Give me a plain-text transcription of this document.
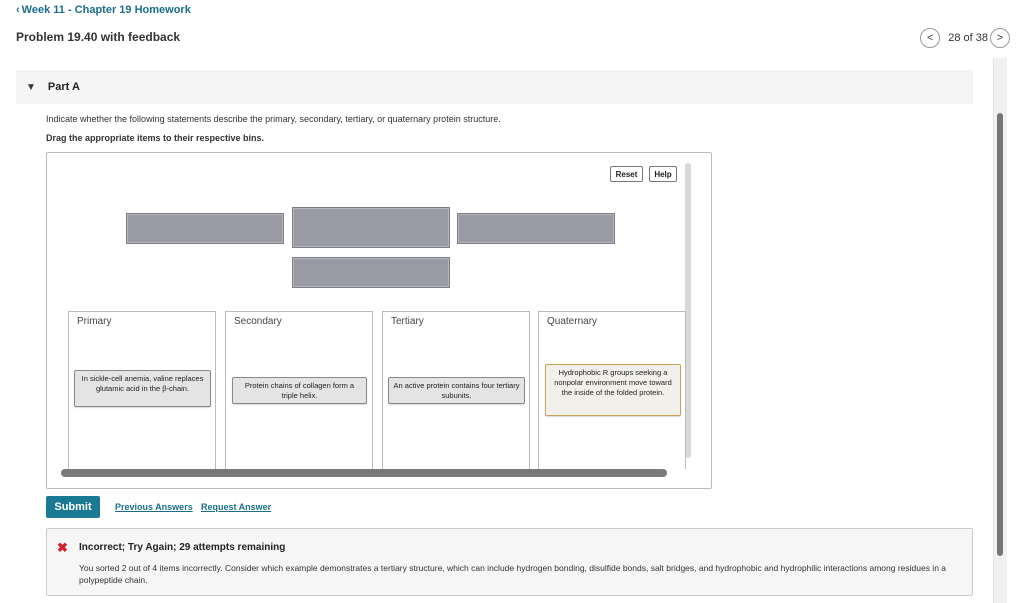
‹ Week 11 - Chapter 19 Homework
Problem 19.40 with feedback	< 28 of 38 >
▼ Part A
Indicate whether the following statements describe the primary, secondary, tertiary, or quaternary protein structure.
Drag the appropriate items to their respective bins.
Reset	Help
Primary
In sickle-cell anemia, valine replaces glutamic acid in the β-chain.
Secondary
Protein chains of collagen form a triple helix.
Tertiary
An active protein contains four tertiary subunits.
Quaternary
Hydrophobic R groups seeking a nonpolar environment move toward the inside of the folded protein.
Submit	Previous Answers Request Answer
✖ Incorrect; Try Again; 29 attempts remaining
You sorted 2 out of 4 items incorrectly. Consider which example demonstrates a tertiary structure, which can include hydrogen bonding, disulfide bonds, salt bridges, and hydrophobic and hydrophilic interactions among residues in a polypeptide chain.
